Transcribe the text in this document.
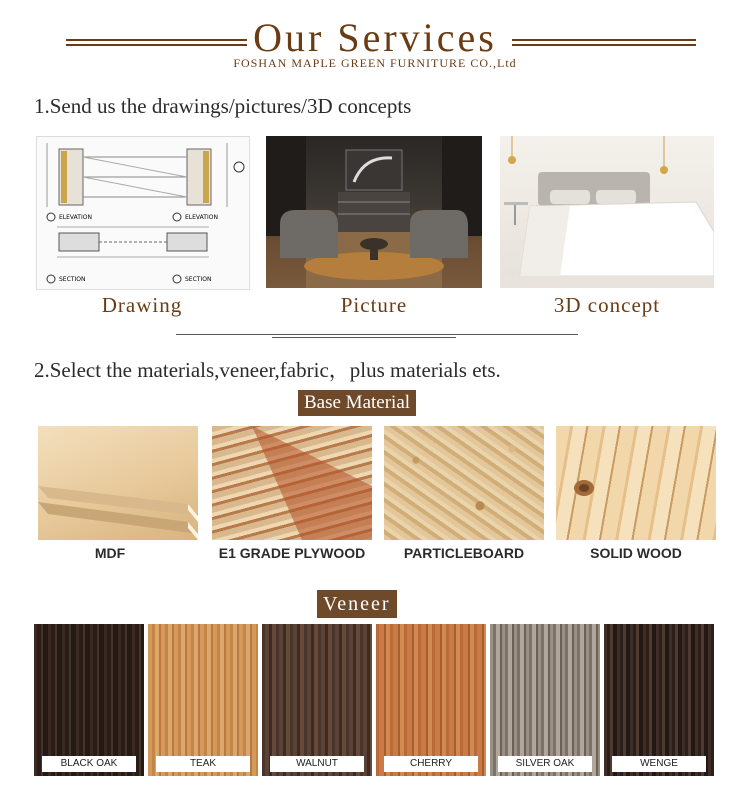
Our Services
FOSHAN MAPLE GREEN FURNITURE CO.,Ltd
1.Send us the drawings/pictures/3D concepts
ELEVATION	ELEVATION
SECTION	SECTION
Drawing	Picture	3D concept
2.Select the materials,veneer,fabric，plus materials ets.
Base Material
MDF	E1 GRADE PLYWOOD	PARTICLEBOARD	SOLID WOOD
Veneer
BLACK OAK	TEAK	WALNUT	CHERRY	SILVER OAK	WENGE
